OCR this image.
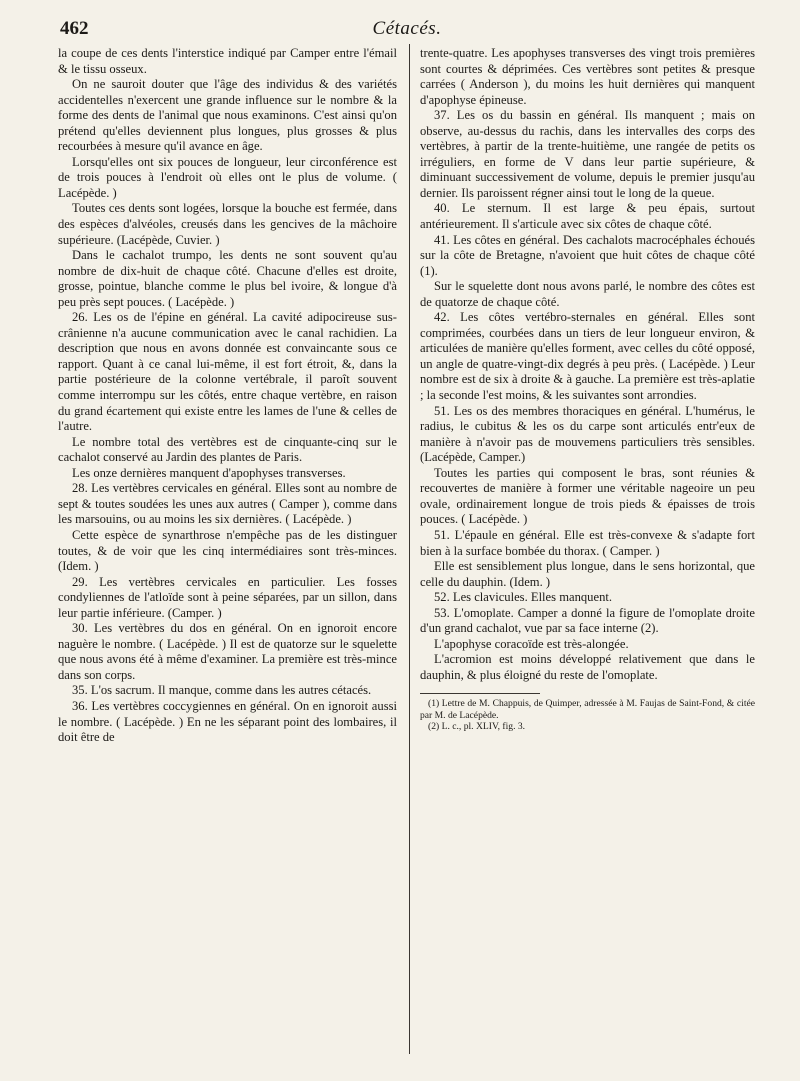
462	Cétacés.

la coupe de ces dents l'interstice indiqué par Camper entre l'émail & le tissu osseux.

On ne sauroit douter que l'âge des individus & des variétés accidentelles n'exercent une grande influence sur le nombre & la forme des dents de l'animal que nous examinons. C'est ainsi qu'on prétend qu'elles deviennent plus longues, plus grosses & plus recourbées à mesure qu'il avance en âge.

Lorsqu'elles ont six pouces de longueur, leur circonférence est de trois pouces à l'endroit où elles ont le plus de volume. ( Lacépède. )

Toutes ces dents sont logées, lorsque la bouche est fermée, dans des espèces d'alvéoles, creusés dans les gencives de la mâchoire supérieure. (Lacépède, Cuvier. )

Dans le cachalot trumpo, les dents ne sont souvent qu'au nombre de dix-huit de chaque côté. Chacune d'elles est droite, grosse, pointue, blanche comme le plus bel ivoire, & longue d'à peu près sept pouces. ( Lacépède. )

26. Les os de l'épine en général. La cavité adipocireuse sus-crânienne n'a aucune communication avec le canal rachidien. La description que nous en avons donnée est convaincante sous ce rapport. Quant à ce canal lui-même, il est fort étroit, &, dans la partie postérieure de la colonne vertébrale, il paroît souvent comme interrompu sur les côtés, entre chaque vertèbre, en raison du grand écartement qui existe entre les lames de l'une & celles de l'autre.

Le nombre total des vertèbres est de cinquante-cinq sur le cachalot conservé au Jardin des plantes de Paris.

Les onze dernières manquent d'apophyses transverses.

28. Les vertèbres cervicales en général. Elles sont au nombre de sept & toutes soudées les unes aux autres ( Camper ), comme dans les marsouins, ou au moins les six dernières. ( Lacépède. )

Cette espèce de synarthrose n'empêche pas de les distinguer toutes, & de voir que les cinq intermédiaires sont très-minces. (Idem. )

29. Les vertèbres cervicales en particulier. Les fosses condyliennes de l'atloïde sont à peine séparées, par un sillon, dans leur partie inférieure. (Camper. )

30. Les vertèbres du dos en général. On en ignoroit encore naguère le nombre. ( Lacépède. ) Il est de quatorze sur le squelette que nous avons été à même d'examiner. La première est très-mince dans son corps.

35. L'os sacrum. Il manque, comme dans les autres cétacés.

36. Les vertèbres coccygiennes en général. On en ignoroit aussi le nombre. ( Lacépède. ) En ne les séparant point des lombaires, il doit être de

trente-quatre. Les apophyses transverses des vingt trois premières sont courtes & déprimées. Ces vertèbres sont petites & presque carrées ( Anderson ), du moins les huit dernières qui manquent d'apophyse épineuse.

37. Les os du bassin en général. Ils manquent ; mais on observe, au-dessus du rachis, dans les intervalles des corps des vertèbres, à partir de la trente-huitième, une rangée de petits os irréguliers, en forme de V dans leur partie supérieure, & diminuant successivement de volume, depuis le premier jusqu'au dernier. Ils paroissent régner ainsi tout le long de la queue.

40. Le sternum. Il est large & peu épais, surtout antérieurement. Il s'articule avec six côtes de chaque côté.

41. Les côtes en général. Des cachalots macrocéphales échoués sur la côte de Bretagne, n'avoient que huit côtes de chaque côté (1).

Sur le squelette dont nous avons parlé, le nombre des côtes est de quatorze de chaque côté.

42. Les côtes vertébro-sternales en général. Elles sont comprimées, courbées dans un tiers de leur longueur environ, & articulées de manière qu'elles forment, avec celles du côté opposé, un angle de quatre-vingt-dix degrés à peu près. ( Lacépède. ) Leur nombre est de six à droite & à gauche. La première est très-aplatie ; la seconde l'est moins, & les suivantes sont arrondies.

51. Les os des membres thoraciques en général. L'humérus, le radius, le cubitus & les os du carpe sont articulés entr'eux de manière à n'avoir pas de mouvemens particuliers très sensibles. (Lacépède, Camper.)

Toutes les parties qui composent le bras, sont réunies & recouvertes de manière à former une véritable nageoire un peu ovale, ordinairement longue de trois pieds & épaisses de trois pouces. ( Lacépède. )

51. L'épaule en général. Elle est très-convexe & s'adapte fort bien à la surface bombée du thorax. ( Camper. )

Elle est sensiblement plus longue, dans le sens horizontal, que celle du dauphin. (Idem. )

52. Les clavicules. Elles manquent.

53. L'omoplate. Camper a donné la figure de l'omoplate droite d'un grand cachalot, vue par sa face interne (2).

L'apophyse coracoïde est très-alongée.

L'acromion est moins développé relativement que dans le dauphin, & plus éloigné du reste de l'omoplate.

(1) Lettre de M. Chappuis, de Quimper, adressée à M. Faujas de Saint-Fond, & citée par M. de Lacépède.

(2) L. c., pl. XLIV, fig. 3.
